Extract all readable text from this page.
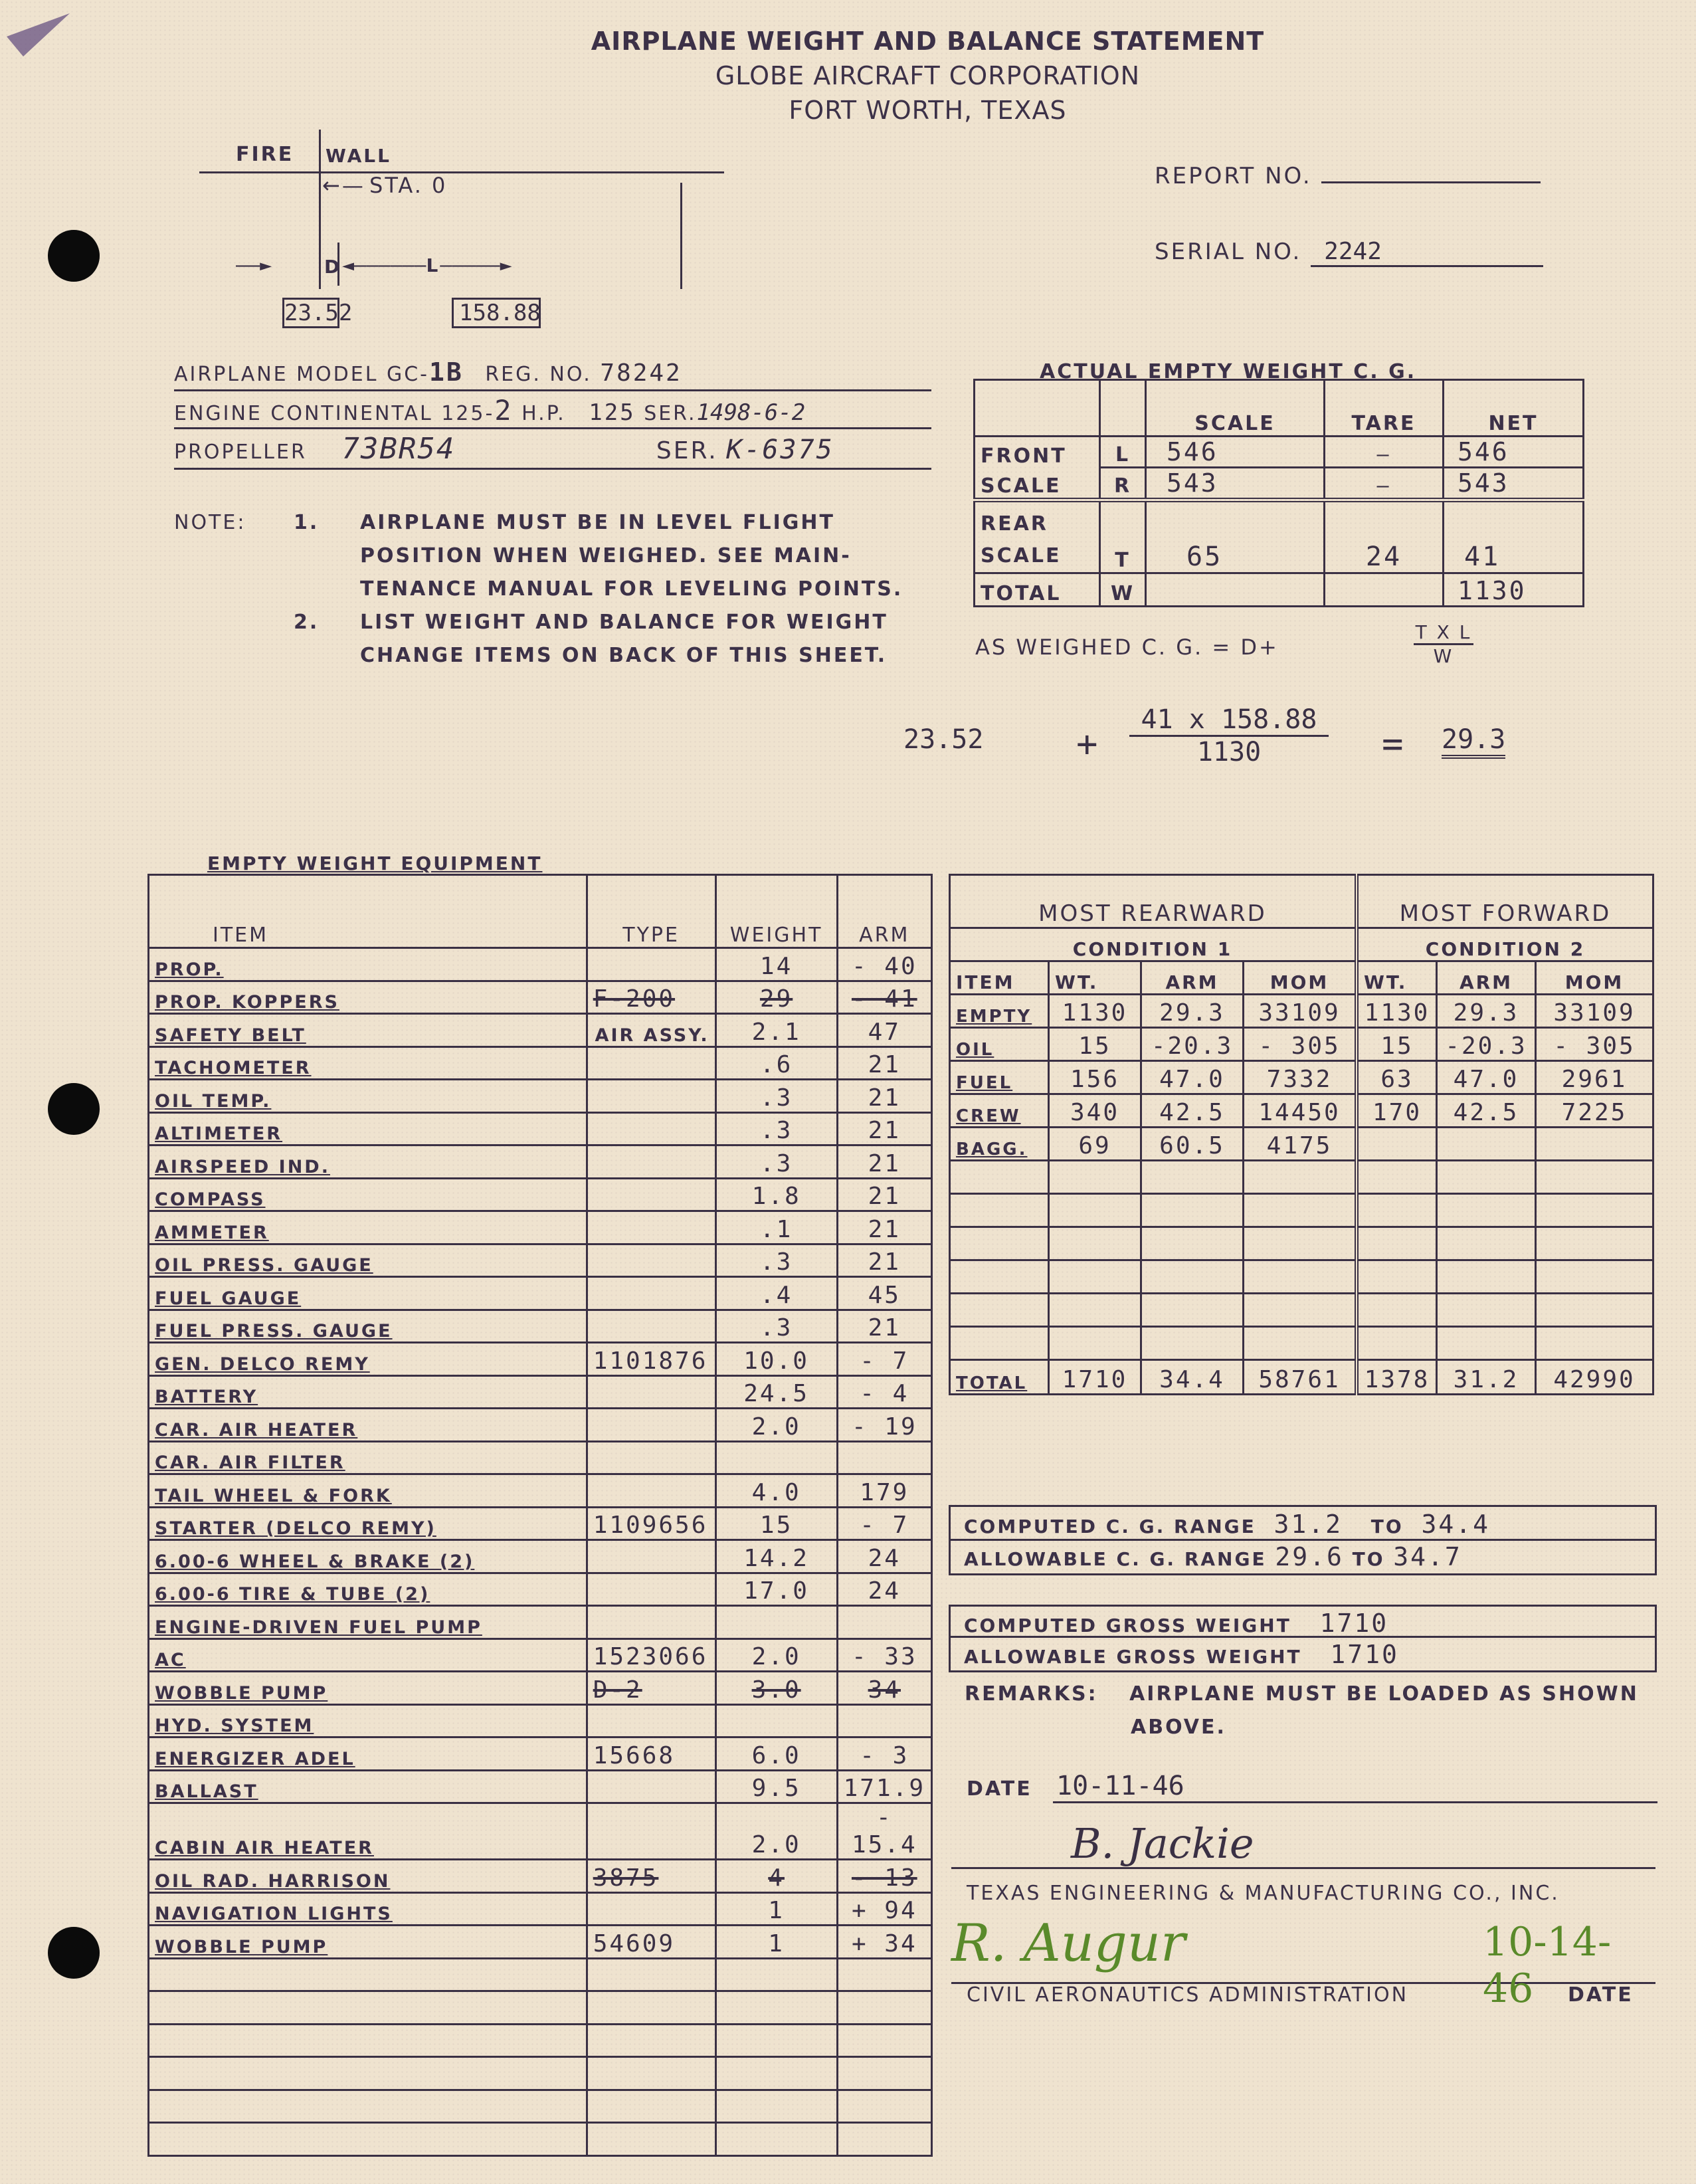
AIRPLANE WEIGHT AND BALANCE STATEMENT
GLOBE AIRCRAFT CORPORATION
FORT WORTH, TEXAS
FIRE WALL
←— STA. 0
——►	D ◄——————L—————►
23.52	158.88
REPORT NO.
SERIAL NO. 2242
AIRPLANE MODEL GC-1B REG. NO. 78242
ENGINE CONTINENTAL 125-2 H.P. 125 SER.1498-6-2
PROPELLER 73BR54	SER. K-6375
NOTE: 1. AIRPLANE MUST BE IN LEVEL FLIGHT
POSITION WHEN WEIGHED. SEE MAIN-
TENANCE MANUAL FOR LEVELING POINTS.
2. LIST WEIGHT AND BALANCE FOR WEIGHT
CHANGE ITEMS ON BACK OF THIS SHEET.
ACTUAL EMPTY WEIGHT C. G.
		SCALE	TARE	NET
FRONT	L	546	—	546
SCALE	R	543	—	543
REAR SCALE	T	65	24	41
TOTAL	W			1130
AS WEIGHED C. G. = D+	$\frac{\text{T X L}}{W}$
23.52	+ $\frac{41 x 158.88}{1130} = 29.3$
EMPTY WEIGHT EQUIPMENT
ITEM	TYPE	WEIGHT	ARM
PROP.		14	- 40
PROP. KOPPERS	F-200	29	- 41
SAFETY BELT	AIR ASSY.	2.1	47
TACHOMETER		.6	21
OIL TEMP.		.3	21
ALTIMETER		.3	21
AIRSPEED IND.		.3	21
COMPASS		1.8	21
AMMETER		.1	21
OIL PRESS. GAUGE		.3	21
FUEL GAUGE		.4	45
FUEL PRESS. GAUGE		.3	21
GEN. DELCO REMY	1101876	10.0	- 7
BATTERY		24.5	- 4
CAR. AIR HEATER		2.0	- 19
CAR. AIR FILTER			
TAIL WHEEL & FORK		4.0	179
STARTER (DELCO REMY)	1109656	15	- 7
6.00-6 WHEEL & BRAKE (2)		14.2	24
6.00-6 TIRE & TUBE (2)		17.0	24
ENGINE-DRIVEN FUEL PUMP			
AC	1523066	2.0	- 33
WOBBLE PUMP	D-2	3.0	34
HYD. SYSTEM			
ENERGIZER ADEL	15668	6.0	- 3
BALLAST		9.5	171.9
CABIN AIR HEATER		2.0	- 15.4
OIL RAD. HARRISON	3875	4	- 13
NAVIGATION LIGHTS		1	+ 94
WOBBLE PUMP	54609	1	+ 34

MOST REARWARD				MOST FORWARD		
CONDITION 1				CONDITION 2		
ITEM	WT.	ARM	MOM	WT.	ARM	MOM
EMPTY	1130	29.3	33109	1130	29.3	33109
OIL	15	-20.3	- 305	15	-20.3	- 305
FUEL	156	47.0	7332	63	47.0	2961
CREW	340	42.5	14450	170	42.5	7225
BAGG.	69	60.5	4175			

TOTAL	1710	34.4	58761	1378	31.2	42990
COMPUTED C. G. RANGE 31.2 TO 34.4
ALLOWABLE C. G. RANGE 29.6 TO 34.7
COMPUTED GROSS WEIGHT 1710
ALLOWABLE GROSS WEIGHT 1710
REMARKS: AIRPLANE MUST BE LOADED AS SHOWN
ABOVE.
DATE 10-11-46
B. Jackie
TEXAS ENGINEERING & MANUFACTURING CO., INC.
R. Augur	10-14-46
CIVIL AERONAUTICS ADMINISTRATION	DATE
